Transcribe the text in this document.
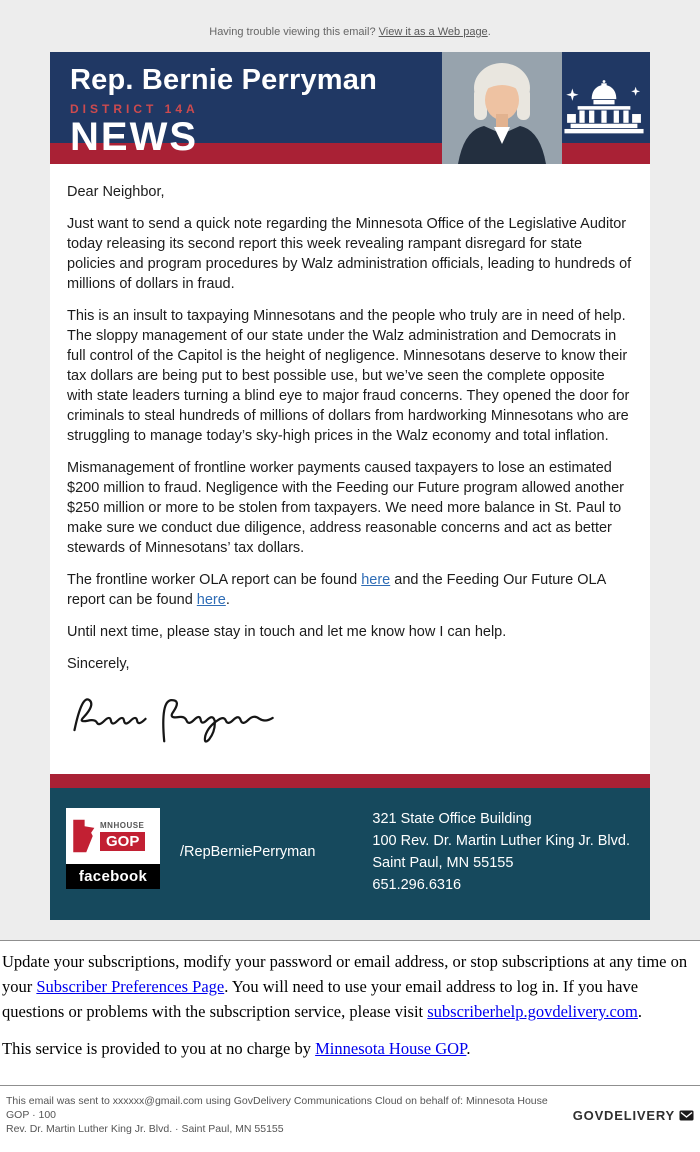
Having trouble viewing this email? View it as a Web page.
Rep. Bernie Perryman
DISTRICT 14A
NEWS

Dear Neighbor,

Just want to send a quick note regarding the Minnesota Office of the Legislative Auditor today releasing its second report this week revealing rampant disregard for state policies and program procedures by Walz administration officials, leading to hundreds of millions of dollars in fraud.

This is an insult to taxpaying Minnesotans and the people who truly are in need of help. The sloppy management of our state under the Walz administration and Democrats in full control of the Capitol is the height of negligence. Minnesotans deserve to know their tax dollars are being put to best possible use, but we’ve seen the complete opposite with state leaders turning a blind eye to major fraud concerns. They opened the door for criminals to steal hundreds of millions of dollars from hardworking Minnesotans who are struggling to manage today’s sky-high prices in the Walz economy and total inflation.

Mismanagement of frontline worker payments caused taxpayers to lose an estimated $200 million to fraud. Negligence with the Feeding our Future program allowed another $250 million or more to be stolen from taxpayers. We need more balance in St. Paul to make sure we conduct due diligence, address reasonable concerns and act as better stewards of Minnesotans’ tax dollars.

The frontline worker OLA report can be found here and the Feeding Our Future OLA report can be found here.

Until next time, please stay in touch and let me know how I can help.

Sincerely,

MNHOUSE
GOP
facebook
/RepBerniePerryman
321 State Office Building
100 Rev. Dr. Martin Luther King Jr. Blvd.
Saint Paul, MN 55155
651.296.6316

Update your subscriptions, modify your password or email address, or stop subscriptions at any time on your Subscriber Preferences Page. You will need to use your email address to log in. If you have questions or problems with the subscription service, please visit subscriberhelp.govdelivery.com.

This service is provided to you at no charge by Minnesota House GOP.

This email was sent to xxxxxx@gmail.com using GovDelivery Communications Cloud on behalf of: Minnesota House GOP · 100
Rev. Dr. Martin Luther King Jr. Blvd. · Saint Paul, MN 55155
GOVDELIVERY
